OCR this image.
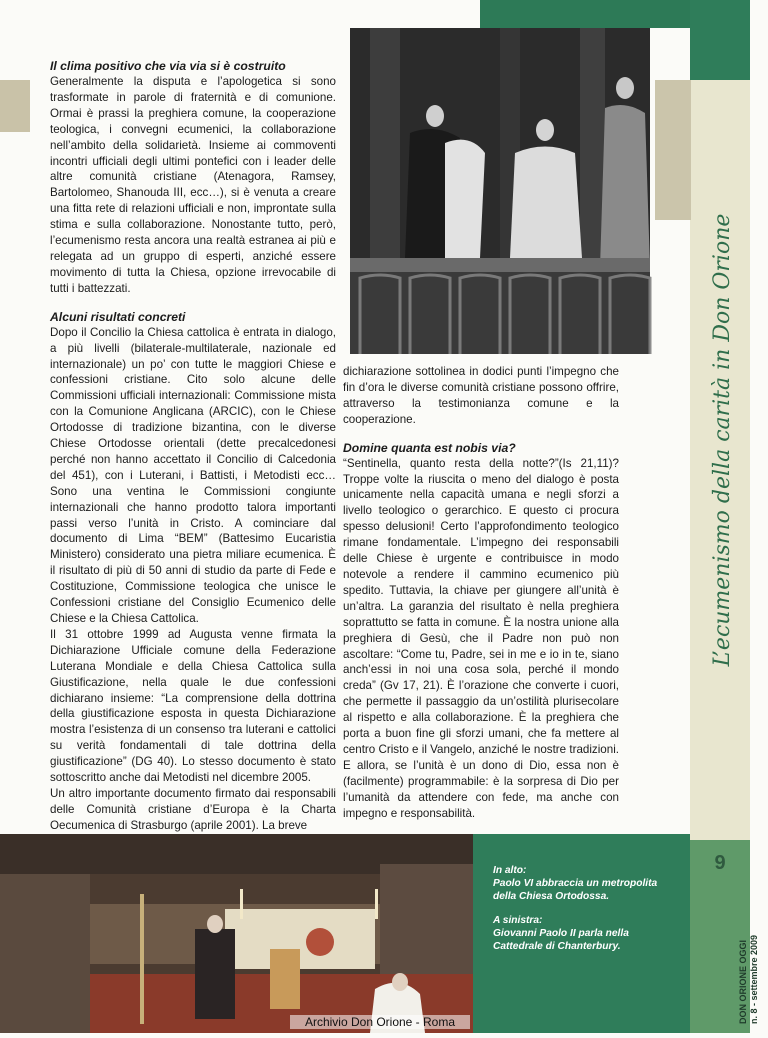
Il clima positivo che via via si è costruito

Generalmente la disputa e l’apologetica si sono trasformate in parole di fraternità e di comunione. Ormai è prassi la preghiera comune, la cooperazione teologica, i convegni ecumenici, la collaborazione nell’ambito della solidarietà. Insieme ai commoventi incontri ufficiali degli ultimi pontefici con i leader delle altre comunità cristiane (Atenagora, Ramsey, Bartolomeo, Shanouda III, ecc…), si è venuta a creare una fitta rete di relazioni ufficiali e non, improntate sulla stima e sulla collaborazione. Nonostante tutto, però, l’ecumenismo resta ancora una realtà estranea ai più e relegata ad un gruppo di esperti, anziché essere movimento di tutta la Chiesa, opzione irrevocabile di tutti i battezzati.

Alcuni risultati concreti

Dopo il Concilio la Chiesa cattolica è entrata in dialogo, a più livelli (bilaterale-multilaterale, nazionale ed internazionale) un po’ con tutte le maggiori Chiese e confessioni cristiane. Cito solo alcune delle Commissioni ufficiali internazionali: Commissione mista con la Comunione Anglicana (ARCIC), con le Chiese Ortodosse di tradizione bizantina, con le diverse Chiese Ortodosse orientali (dette precalcedonesi perché non hanno accettato il Concilio di Calcedonia del 451), con i Luterani, i Battisti, i Metodisti ecc… Sono una ventina le Commissioni congiunte internazionali che hanno prodotto talora importanti passi verso l’unità in Cristo. A cominciare dal documento di Lima “BEM” (Battesimo Eucaristia Ministero) considerato una pietra miliare ecumenica. È il risultato di più di 50 anni di studio da parte di Fede e Costituzione, Commissione teologica che unisce le Confessioni cristiane del Consiglio Ecumenico delle Chiese e la Chiesa Cattolica.

Il 31 ottobre 1999 ad Augusta venne firmata la Dichiarazione Ufficiale comune della Federazione Luterana Mondiale e della Chiesa Cattolica sulla Giustificazione, nella quale le due confessioni dichiarano insieme: “La comprensione della dottrina della giustificazione esposta in questa Dichiarazione mostra l’esistenza di un consenso tra luterani e cattolici su verità fondamentali di tale dottrina della giustificazione” (DG 40). Lo stesso documento è stato sottoscritto anche dai Metodisti nel dicembre 2005.

Un altro importante documento firmato dai responsabili delle Comunità cristiane d’Europa è la Charta Oecumenica di Strasburgo (aprile 2001). La breve

dichiarazione sottolinea in dodici punti l’impegno che fin d’ora le diverse comunità cristiane possono offrire, attraverso la testimonianza comune e la cooperazione.

Domine quanta est nobis via?

“Sentinella, quanto resta della notte?”(Is 21,11)? Troppe volte la riuscita o meno del dialogo è posta unicamente nella capacità umana e negli sforzi a livello teologico o gerarchico. E questo ci procura spesso delusioni! Certo l’approfondimento teologico rimane fondamentale. L’impegno dei responsabili delle Chiese è urgente e contribuisce in modo notevole a rendere il cammino ecumenico più spedito. Tuttavia, la chiave per giungere all’unità è un’altra. La garanzia del risultato è nella preghiera soprattutto se fatta in comune. È la nostra unione alla preghiera di Gesù, che il Padre non può non ascoltare: “Come tu, Padre, sei in me e io in te, siano anch’essi in noi una cosa sola, perché il mondo creda” (Gv 17, 21). È l’orazione che converte i cuori, che permette il passaggio da un’ostilità plurisecolare al rispetto e alla collaborazione. È la preghiera che porta a buon fine gli sforzi umani, che fa mettere al centro Cristo e il Vangelo, anziché le nostre tradizioni. E allora, se l’unità è un dono di Dio, essa non è (facilmente) programmabile: è la sorpresa di Dio per l’umanità da attendere con fede, ma anche con impegno e responsabilità.

In alto:

Paolo VI abbraccia un metropolita della Chiesa Ortodossa.

A sinistra:

Giovanni Paolo II parla nella Cattedrale di Chanterbury.

L’ecumenismo della carità in Don Orione
9
DON ORIONE OGGI n. 8 - settembre 2009
Archivio Don Orione - Roma
